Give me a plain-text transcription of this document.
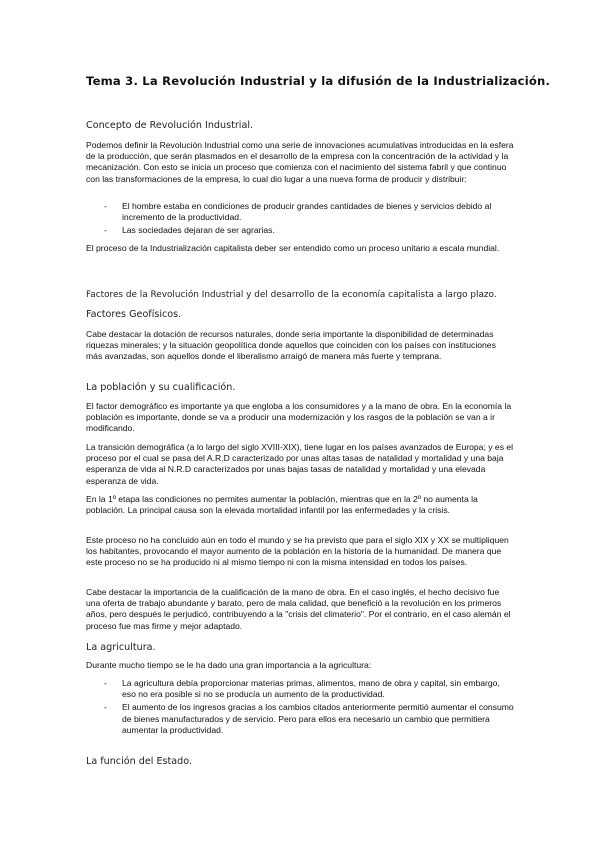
Tema 3. La Revolución Industrial y la difusión de la Industrialización.
Concepto de Revolución Industrial.

Podemos definir la Revolución Industrial como una serie de innovaciones acumulativas introducidas en la esfera de la producción, que serán plasmados en el desarrollo de la empresa con la concentración de la actividad y la mecanización. Con esto se inicia un proceso que comienza con el nacimiento del sistema fabril y que continuo con las transformaciones de la empresa, lo cual dio lugar a una nueva forma de producir y distribuir:

- El hombre estaba en condiciones de producir grandes cantidades de bienes y servicios debido al incremento de la productividad.
- Las sociedades dejaran de ser agrarias.

El proceso de la Industrialización capitalista deber ser entendido como un proceso unitario a escala mundial.

Factores de la Revolución Industrial y del desarrollo de la economía capitalista a largo plazo.
Factores Geofísicos.

Cabe destacar la dotación de recursos naturales, donde seria importante la disponibilidad de determinadas riquezas minerales; y la situación geopolítica donde aquellos que coinciden con los países con instituciones más avanzadas, son aquellos donde el liberalismo arraigó de manera más fuerte y temprana.

La población y su cualificación.

El factor demográfico es importante ya que engloba a los consumidores y a la mano de obra. En la economía la población es importante, donde se va a producir una modernización y los rasgos de la población se van a ir modificando.

La transición demográfica (a lo largo del siglo XVIII-XIX), tiene lugar en los países avanzados de Europa; y es el proceso por el cual se pasa del A.R.D caracterizado por unas altas tasas de natalidad y mortalidad y una baja esperanza de vida al N.R.D caracterizados por unas bajas tasas de natalidad y mortalidad y una elevada esperanza de vida.

En la 1º etapa las condiciones no permites aumentar la población, mientras que en la 2º no aumenta la población. La principal causa son la elevada mortalidad infantil por las enfermedades y la crisis.

Este proceso no ha concluido aún en todo el mundo y se ha previsto que para el siglo XIX y XX se multipliquen los habitantes, provocando el mayor aumento de la población en la historia de la humanidad. De manera que este proceso no se ha producido ni al mismo tiempo ni con la misma intensidad en todos los países.

Cabe destacar la importancia de la cualificación de la mano de obra. En el caso inglés, el hecho decisivo fue una oferta de trabajo abundante y barato, pero de mala calidad, que benefició a la revolución en los primeros años, pero después le perjudicó, contribuyendo a la "crisis del climaterio". Por el contrario, en el caso alemán el proceso fue mas firme y mejor adaptado.

La agricultura.

Durante mucho tiempo se le ha dado una gran importancia a la agricultura:

- La agricultura debía proporcionar materias primas, alimentos, mano de obra y capital, sin embargo, eso no era posible si no se producía un aumento de la productividad.
- El aumento de los ingresos gracias a los cambios citados anteriormente permitió aumentar el consumo de bienes manufacturados y de servicio. Pero para ellos era necesario un cambio que permitiera aumentar la productividad.
La función del Estado.
